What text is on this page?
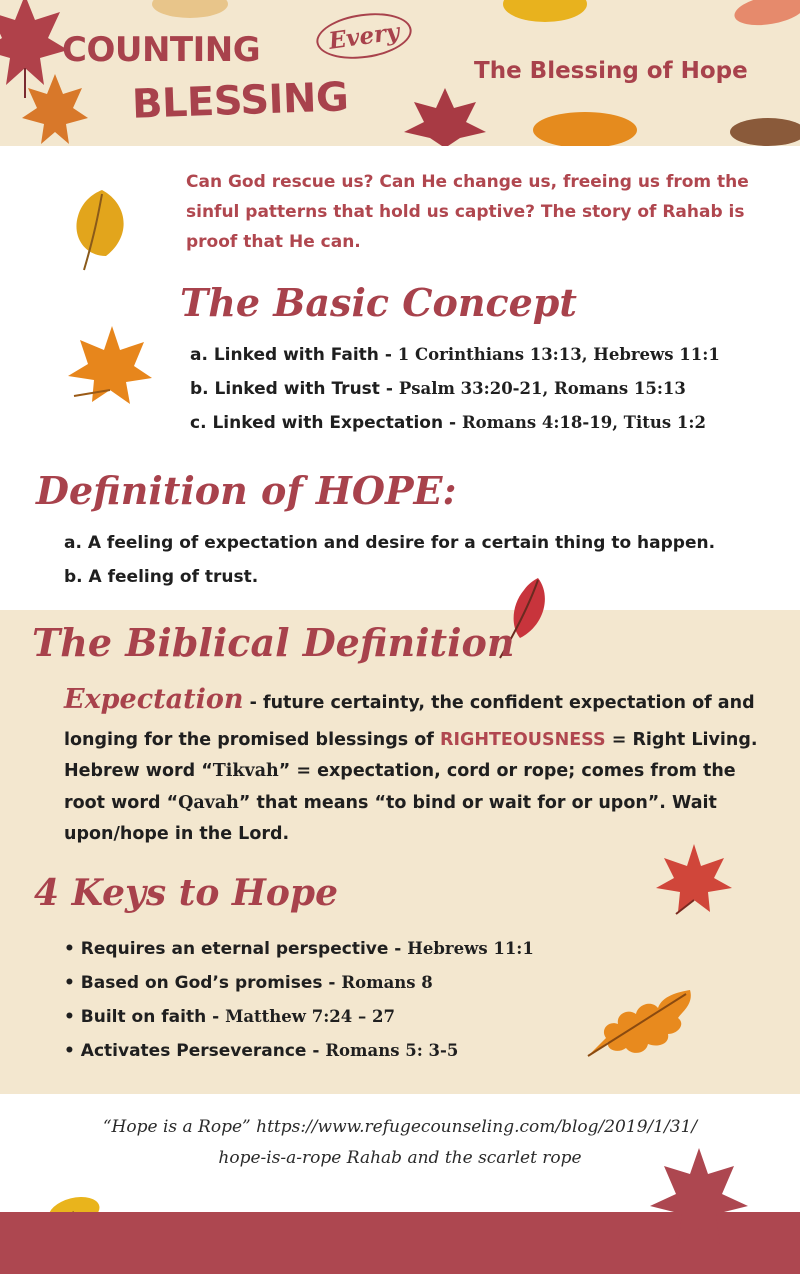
COUNTING	Every
BLESSING
The Blessing of Hope
Can God rescue us? Can He change us, freeing us from the sinful patterns that hold us captive? The story of Rahab is proof that He can.
The Basic Concept
a. Linked with Faith - 1 Corinthians 13:13, Hebrews 11:1
b. Linked with Trust - Psalm 33:20-21, Romans 15:13
c. Linked with Expectation - Romans 4:18-19, Titus 1:2
Definition of HOPE:
a. A feeling of expectation and desire for a certain thing to happen.
b. A feeling of trust.
The Biblical Definition
Expectation - future certainty, the confident expectation of and longing for the promised blessings of RIGHTEOUSNESS = Right Living. Hebrew word “Tikvah” = expectation, cord or rope; comes from the root word “Qavah” that means “to bind or wait for or upon”. Wait upon/hope in the Lord.
4 Keys to Hope
• Requires an eternal perspective - Hebrews 11:1
• Based on God’s promises - Romans 8
• Built on faith - Matthew 7:24 – 27
• Activates Perseverance - Romans 5: 3-5
“Hope is a Rope” https://www.refugecounseling.com/blog/2019/1/31/
hope-is-a-rope Rahab and the scarlet rope
